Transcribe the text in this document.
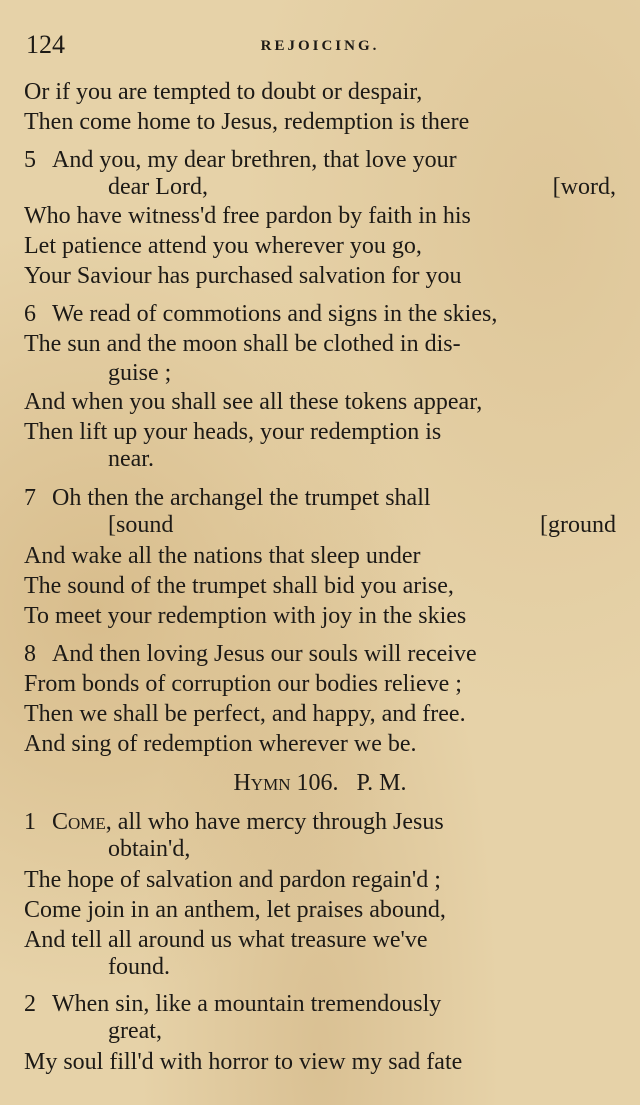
124	REJOICING.
Or if you are tempted to doubt or despair,
Then come home to Jesus, redemption is there
5 And you, my dear brethren, that love your
dear Lord,	[word,
Who have witness'd free pardon by faith in his
Let patience attend you wherever you go,
Your Saviour has purchased salvation for you
6 We read of commotions and signs in the skies,
The sun and the moon shall be clothed in dis-
guise ;
And when you shall see all these tokens appear,
Then lift up your heads, your redemption is
near.
7 Oh then the archangel the trumpet shall
[sound	[ground
And wake all the nations that sleep under
The sound of the trumpet shall bid you arise,
To meet your redemption with joy in the skies
8 And then loving Jesus our souls will receive
From bonds of corruption our bodies relieve ;
Then we shall be perfect, and happy, and free.
And sing of redemption wherever we be.
Hymn 106. P. M.
1 Come, all who have mercy through Jesus
obtain'd,
The hope of salvation and pardon regain'd ;
Come join in an anthem, let praises abound,
And tell all around us what treasure we've
found.
2 When sin, like a mountain tremendously
great,
My soul fill'd with horror to view my sad fate
